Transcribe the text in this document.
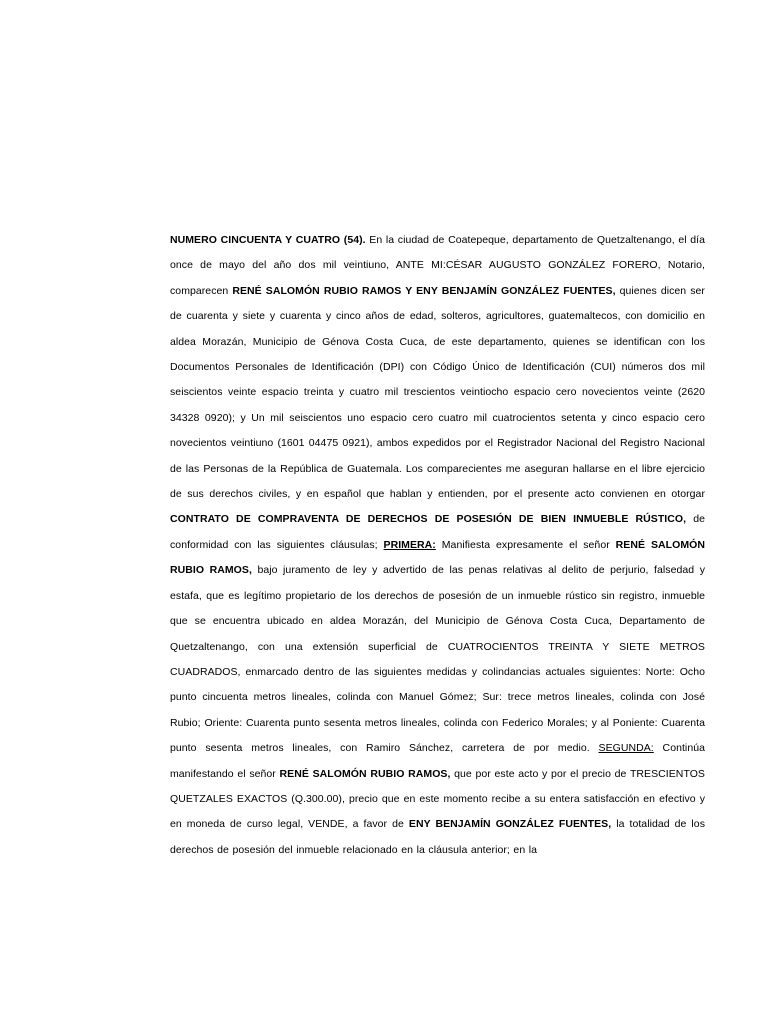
NUMERO CINCUENTA Y CUATRO (54). En la ciudad de Coatepeque, departamento de Quetzaltenango, el día once de mayo del año dos mil veintiuno, ANTE MI:CÉSAR AUGUSTO GONZÁLEZ FORERO, Notario, comparecen RENÉ SALOMÓN RUBIO RAMOS Y ENY BENJAMÍN GONZÁLEZ FUENTES, quienes dicen ser de cuarenta y siete y cuarenta y cinco años de edad, solteros, agricultores, guatemaltecos, con domicilio en aldea Morazán, Municipio de Génova Costa Cuca, de este departamento, quienes se identifican con los Documentos Personales de Identificación (DPI) con Código Único de Identificación (CUI) números dos mil seiscientos veinte espacio treinta y cuatro mil trescientos veintiocho espacio cero novecientos veinte (2620 34328 0920); y Un mil seiscientos uno espacio cero cuatro mil cuatrocientos setenta y cinco espacio cero novecientos veintiuno (1601 04475 0921), ambos expedidos por el Registrador Nacional del Registro Nacional de las Personas de la República de Guatemala. Los comparecientes me aseguran hallarse en el libre ejercicio de sus derechos civiles, y en español que hablan y entienden, por el presente acto convienen en otorgar CONTRATO DE COMPRAVENTA DE DERECHOS DE POSESIÓN DE BIEN INMUEBLE RÚSTICO, de conformidad con las siguientes cláusulas; PRIMERA: Manifiesta expresamente el señor RENÉ SALOMÓN RUBIO RAMOS, bajo juramento de ley y advertido de las penas relativas al delito de perjurio, falsedad y estafa, que es legítimo propietario de los derechos de posesión de un inmueble rústico sin registro, inmueble que se encuentra ubicado en aldea Morazán, del Municipio de Génova Costa Cuca, Departamento de Quetzaltenango, con una extensión superficial de CUATROCIENTOS TREINTA Y SIETE METROS CUADRADOS, enmarcado dentro de las siguientes medidas y colindancias actuales siguientes: Norte: Ocho punto cincuenta metros lineales, colinda con Manuel Gómez; Sur: trece metros lineales, colinda con José Rubio; Oriente: Cuarenta punto sesenta metros lineales, colinda con Federico Morales; y al Poniente: Cuarenta punto sesenta metros lineales, con Ramiro Sánchez, carretera de por medio. SEGUNDA: Continúa manifestando el señor RENÉ SALOMÓN RUBIO RAMOS, que por este acto y por el precio de TRESCIENTOS QUETZALES EXACTOS (Q.300.00), precio que en este momento recibe a su entera satisfacción en efectivo y en moneda de curso legal, VENDE, a favor de ENY BENJAMÍN GONZÁLEZ FUENTES, la totalidad de los derechos de posesión del inmueble relacionado en la cláusula anterior; en la
